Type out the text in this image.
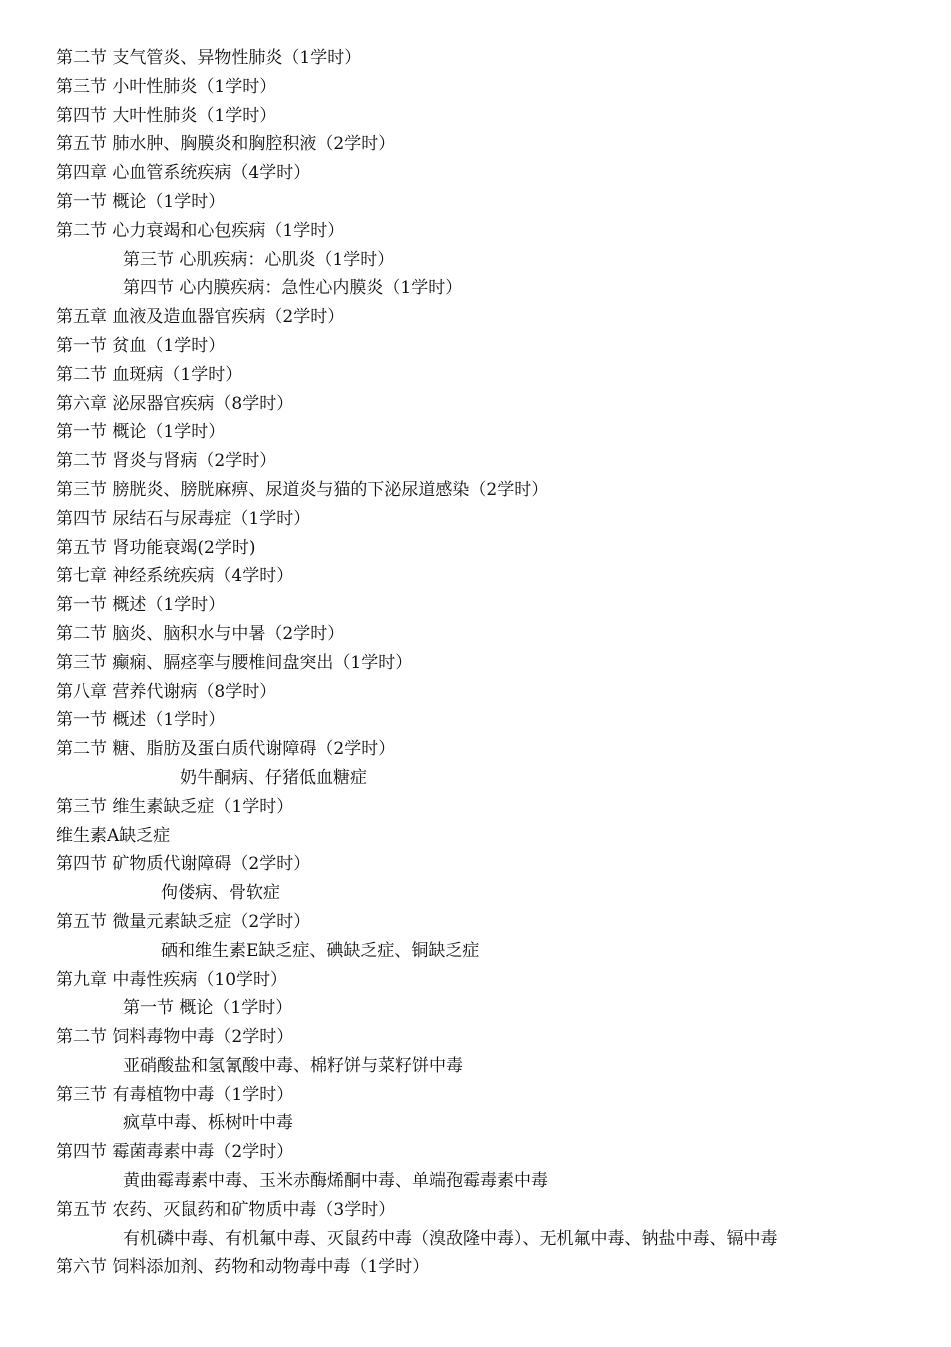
第二节 支气管炎、异物性肺炎（1学时）
第三节 小叶性肺炎（1学时）
第四节 大叶性肺炎（1学时）
第五节 肺水肿、胸膜炎和胸腔积液（2学时）
第四章 心血管系统疾病（4学时）
第一节 概论（1学时）
第二节 心力衰竭和心包疾病（1学时）
第三节 心肌疾病：心肌炎（1学时）
第四节 心内膜疾病：急性心内膜炎（1学时）
第五章 血液及造血器官疾病（2学时）
第一节 贫血（1学时）
第二节 血斑病（1学时）
第六章 泌尿器官疾病（8学时）
第一节 概论（1学时）
第二节 肾炎与肾病（2学时）
第三节 膀胱炎、膀胱麻痹、尿道炎与猫的下泌尿道感染（2学时）
第四节 尿结石与尿毒症（1学时）
第五节 肾功能衰竭(2学时)
第七章 神经系统疾病（4学时）
第一节 概述（1学时）
第二节 脑炎、脑积水与中暑（2学时）
第三节 癫痫、膈痉挛与腰椎间盘突出（1学时）
第八章 营养代谢病（8学时）
第一节 概述（1学时）
第二节 糖、脂肪及蛋白质代谢障碍（2学时）
奶牛酮病、仔猪低血糖症
第三节 维生素缺乏症（1学时）
维生素A缺乏症
第四节 矿物质代谢障碍（2学时）
佝偻病、骨软症
第五节 微量元素缺乏症（2学时）
硒和维生素E缺乏症、碘缺乏症、铜缺乏症
第九章 中毒性疾病（10学时）
第一节 概论（1学时）
第二节 饲料毒物中毒（2学时）
亚硝酸盐和氢氰酸中毒、棉籽饼与菜籽饼中毒
第三节 有毒植物中毒（1学时）
疯草中毒、栎树叶中毒
第四节 霉菌毒素中毒（2学时）
黄曲霉毒素中毒、玉米赤酶烯酮中毒、单端孢霉毒素中毒
第五节 农药、灭鼠药和矿物质中毒（3学时）
有机磷中毒、有机氟中毒、灭鼠药中毒（溴敌隆中毒）、无机氟中毒、钠盐中毒、镉中毒
第六节 饲料添加剂、药物和动物毒中毒（1学时）
